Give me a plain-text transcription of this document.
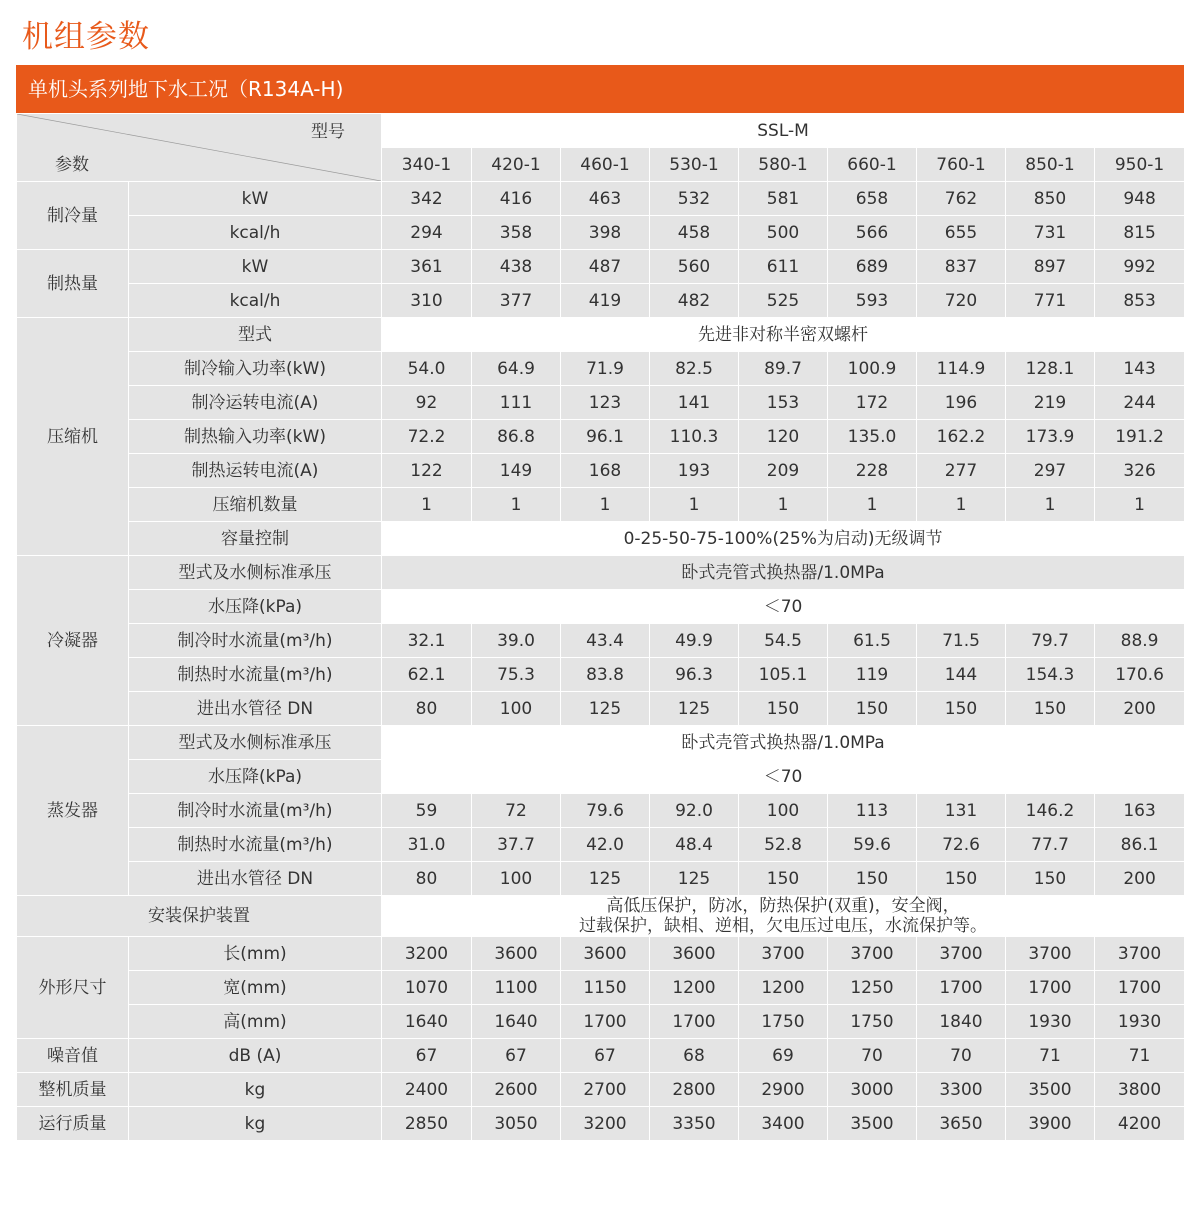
机组参数
单机头系列地下水工况（R134A-H)
型号
参数		SSL-M								
		340-1	420-1	460-1	530-1	580-1	660-1	760-1	850-1	950-1
制冷量	kW	342	416	463	532	581	658	762	850	948
	kcal/h	294	358	398	458	500	566	655	731	815
制热量	kW	361	438	487	560	611	689	837	897	992
	kcal/h	310	377	419	482	525	593	720	771	853
压缩机	型式	先进非对称半密双螺杆								
	制冷输入功率(kW)	54.0	64.9	71.9	82.5	89.7	100.9	114.9	128.1	143
	制冷运转电流(A)	92	111	123	141	153	172	196	219	244
	制热输入功率(kW)	72.2	86.8	96.1	110.3	120	135.0	162.2	173.9	191.2
	制热运转电流(A)	122	149	168	193	209	228	277	297	326
	压缩机数量	1	1	1	1	1	1	1	1	1
	容量控制	0-25-50-75-100%(25%为启动)无级调节								
冷凝器	型式及水侧标准承压	卧式壳管式换热器/1.0MPa								
	水压降(kPa)	＜70								
	制冷时水流量(m³/h)	32.1	39.0	43.4	49.9	54.5	61.5	71.5	79.7	88.9
	制热时水流量(m³/h)	62.1	75.3	83.8	96.3	105.1	119	144	154.3	170.6
	进出水管径 DN	80	100	125	125	150	150	150	150	200
蒸发器	型式及水侧标准承压	卧式壳管式换热器/1.0MPa								
	水压降(kPa)	＜70								
	制冷时水流量(m³/h)	59	72	79.6	92.0	100	113	131	146.2	163
	制热时水流量(m³/h)	31.0	37.7	42.0	48.4	52.8	59.6	72.6	77.7	86.1
	进出水管径 DN	80	100	125	125	150	150	150	150	200
安装保护装置		高低压保护，防冰，防热保护(双重)，安全阀，
过载保护，缺相、逆相，欠电压过电压，水流保护等。								

外形尺寸	长(mm)	3200	3600	3600	3600	3700	3700	3700	3700	3700
	宽(mm)	1070	1100	1150	1200	1200	1250	1700	1700	1700
	高(mm)	1640	1640	1700	1700	1750	1750	1840	1930	1930
噪音值	dB (A)	67	67	67	68	69	70	70	71	71
整机质量	kg	2400	2600	2700	2800	2900	3000	3300	3500	3800
运行质量	kg	2850	3050	3200	3350	3400	3500	3650	3900	4200
